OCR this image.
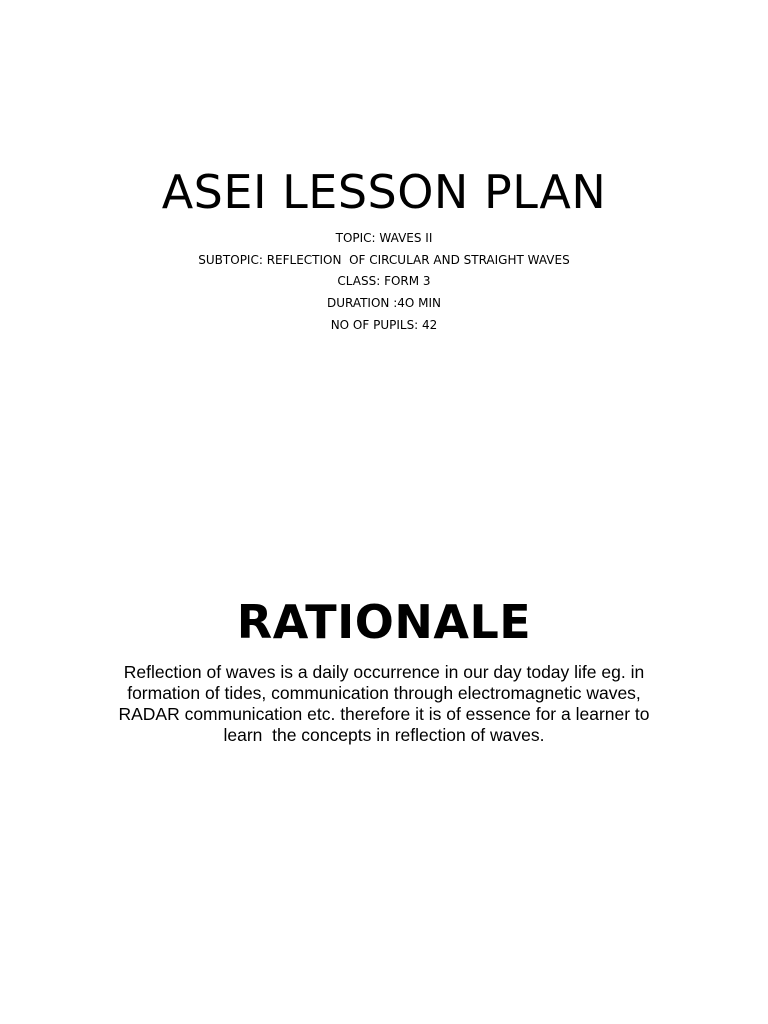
ASEI LESSON PLAN
TOPIC: WAVES II
SUBTOPIC: REFLECTION  OF CIRCULAR AND STRAIGHT WAVES
CLASS: FORM 3
DURATION :4O MIN
NO OF PUPILS: 42
RATIONALE

Reflection of waves is a daily occurrence in our day today life eg. in
formation of tides, communication through electromagnetic waves,
RADAR communication etc. therefore it is of essence for a learner to
learn  the concepts in reflection of waves.
